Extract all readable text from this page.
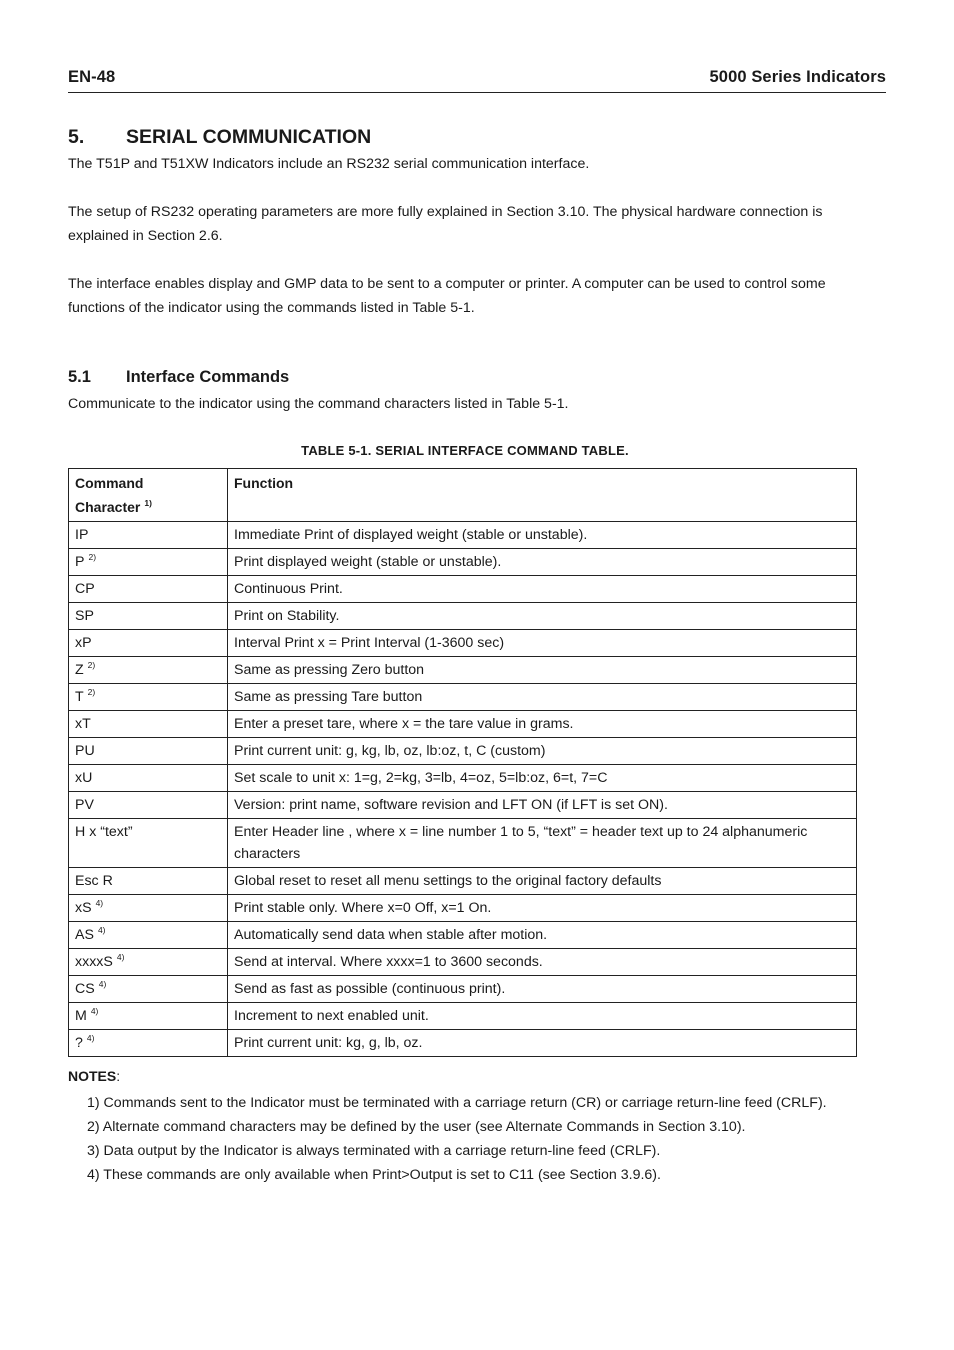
EN-48	5000 Series Indicators
5. SERIAL COMMUNICATION
The T51P and T51XW Indicators include an RS232 serial communication interface.
The setup of RS232 operating parameters are more fully explained in Section 3.10. The physical hardware connection is explained in Section 2.6.
The interface enables display and GMP data to be sent to a computer or printer. A computer can be used to control some functions of the indicator using the commands listed in Table 5-1.
5.1 Interface Commands
Communicate to the indicator using the command characters listed in Table 5-1.
TABLE 5-1. SERIAL INTERFACE COMMAND TABLE.
Command
Character $^{1)}$	Function
IP	Immediate Print of displayed weight (stable or unstable).
P $^{2)}$	Print displayed weight (stable or unstable).
CP	Continuous Print.
SP	Print on Stability.
xP	Interval Print x = Print Interval (1-3600 sec)
Z $^{2)}$	Same as pressing Zero button
T $^{2)}$	Same as pressing Tare button
xT	Enter a preset tare, where x = the tare value in grams.
PU	Print current unit: g, kg, lb, oz, lb:oz, t, C (custom)
xU	Set scale to unit x: 1=g, 2=kg, 3=lb, 4=oz, 5=lb:oz, 6=t, 7=C
PV	Version: print name, software revision and LFT ON (if LFT is set ON).
H x “text”	Enter Header line , where x = line number 1 to 5, “text” = header text up to 24 alphanumeric characters
Esc R	Global reset to reset all menu settings to the original factory defaults
xS $^{4)}$	Print stable only. Where x=0 Off, x=1 On.
AS $^{4)}$	Automatically send data when stable after motion.
xxxxS $^{4)}$	Send at interval. Where xxxx=1 to 3600 seconds.
CS $^{4)}$	Send as fast as possible (continuous print).
M $^{4)}$	Increment to next enabled unit.
? $^{4)}$	Print current unit: kg, g, lb, oz.
NOTES:
1) Commands sent to the Indicator must be terminated with a carriage return (CR) or carriage return-line feed (CRLF).
2) Alternate command characters may be defined by the user (see Alternate Commands in Section 3.10).
3) Data output by the Indicator is always terminated with a carriage return-line feed (CRLF).
4) These commands are only available when Print>Output is set to C11 (see Section 3.9.6).
